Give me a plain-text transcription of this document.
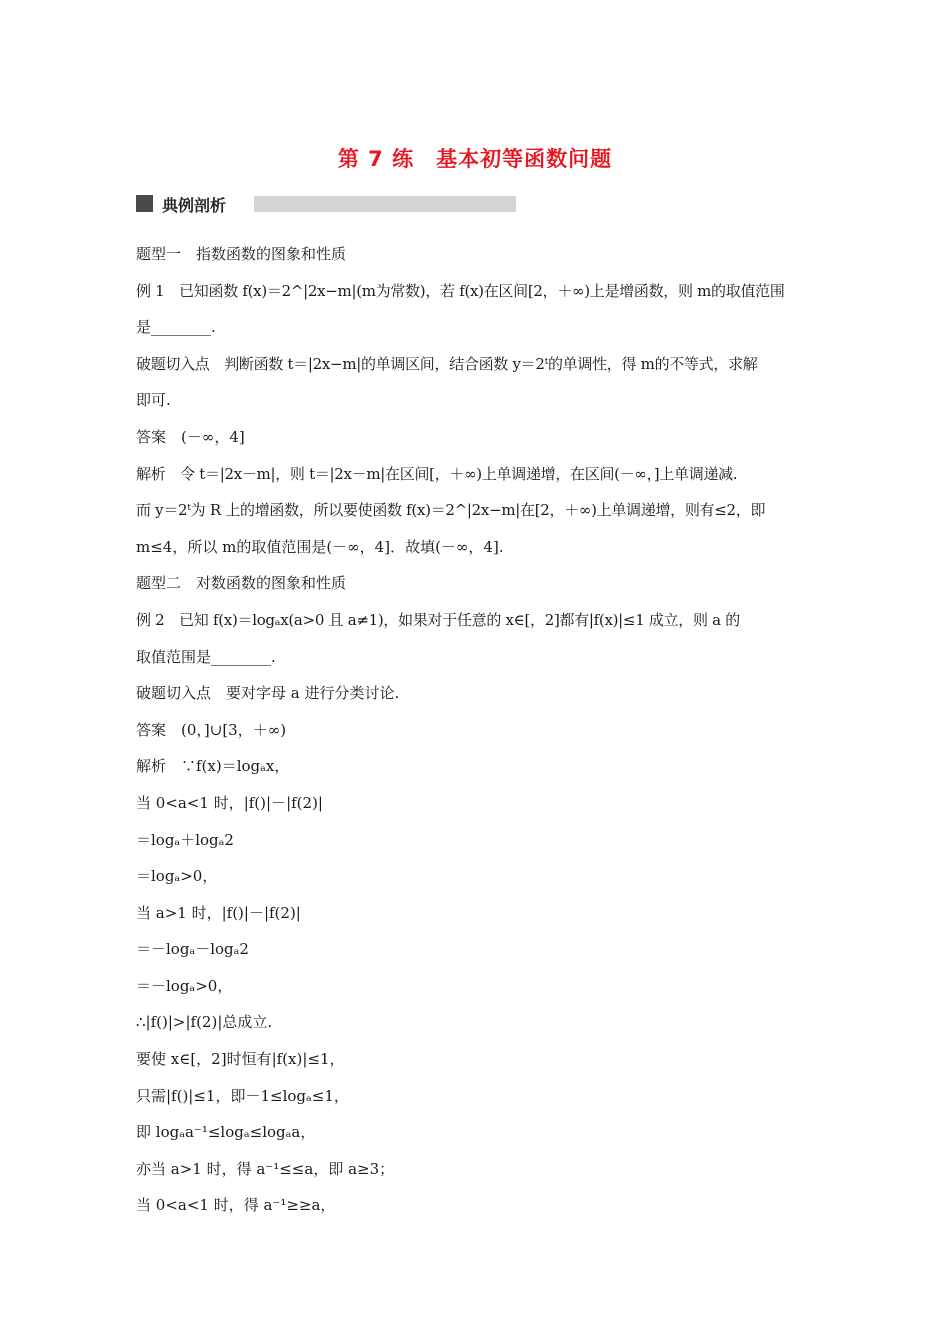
第 7 练　基本初等函数问题
典例剖析
题型一　指数函数的图象和性质
例 1　已知函数 f(x)＝2^|2x−m|(m为常数)，若 f(x)在区间[2，＋∞)上是增函数，则 m的取值范围
是________.
破题切入点　判断函数 t＝|2x−m|的单调区间，结合函数 y＝2ᵗ的单调性，得 m的不等式，求解
即可.
答案　(－∞，4]
解析　令 t＝|2x－m|，则 t＝|2x－m|在区间[，＋∞)上单调递增，在区间(－∞，]上单调递减.
而 y＝2ᵗ为 R 上的增函数，所以要使函数 f(x)＝2^|2x−m|在[2，＋∞)上单调递增，则有≤2，即
m≤4，所以 m的取值范围是(－∞，4]．故填(－∞，4].
题型二　对数函数的图象和性质
例 2　已知 f(x)＝logₐx(a>0 且 a≠1)，如果对于任意的 x∈[，2]都有|f(x)|≤1 成立，则 a 的
取值范围是________.
破题切入点　要对字母 a 进行分类讨论.
答案　(0，]∪[3，＋∞)
解析　∵f(x)＝logₐx，
当 0<a<1 时，|f()|－|f(2)|
＝logₐ＋logₐ2
＝logₐ>0，
当 a>1 时，|f()|－|f(2)|
＝－logₐ－logₐ2
＝－logₐ>0，
∴|f()|>|f(2)|总成立.
要使 x∈[，2]时恒有|f(x)|≤1，
只需|f()|≤1，即－1≤logₐ≤1，
即 logₐa⁻¹≤logₐ≤logₐa，
亦当 a>1 时，得 a⁻¹≤≤a，即 a≥3；
当 0<a<1 时，得 a⁻¹≥≥a，
